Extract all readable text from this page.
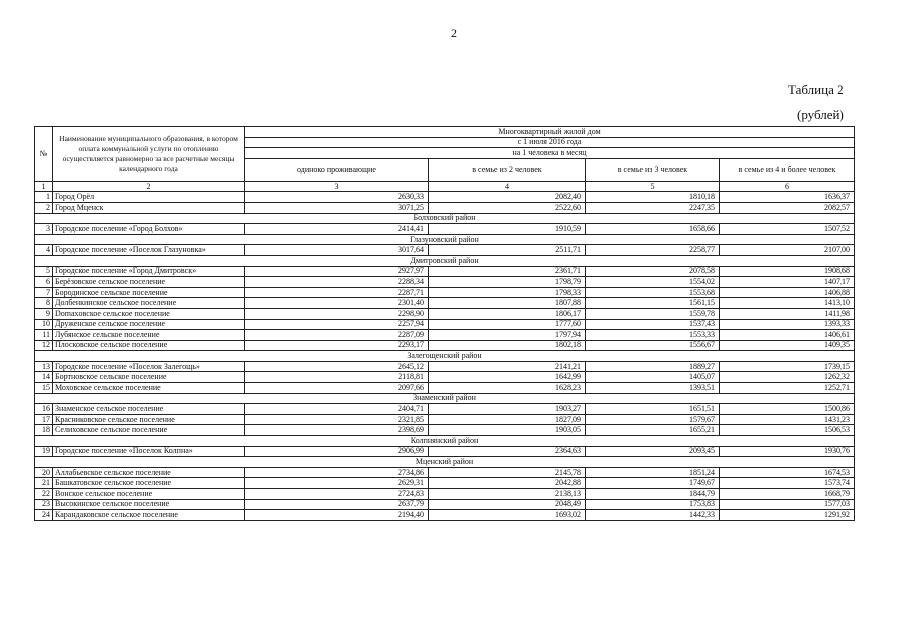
2
Таблица 2
(рублей)
№	Наименование муниципального образования, в котором оплата коммунальной услуги по отоплению осуществляется равномерно за все расчетные месяцы календарного года	Многоквартирный жилой дом			
		с 1 июля 2016 года			
		на 1 человека в месяц			
		одиноко проживающие	в семье из 2 человек	в семье из 3 человек	в семье из 4 и более человек
1	2	3	4	5	6
1	Город Орёл	2630,33	2082,40	1810,18	1636,37
2	Город Мценск	3071,25	2522,60	2247,35	2082,57
Болховский район					
3	Городское поселение «Город Болхов»	2414,41	1910,59	1658,66	1507,52
Глазуновский район					
4	Городское поселение «Поселок Глазуновка»	3017,64	2511,71	2258,77	2107,00
Дмитровский район					
5	Городское поселение «Город Дмитровск»	2927,97	2361,71	2078,58	1908,68
6	Берёзовское сельское поселение	2288,34	1798,79	1554,02	1407,17
7	Бородинское сельское поселение	2287,71	1798,33	1553,68	1406,88
8	Долбенкинское сельское поселение	2301,40	1807,88	1561,15	1413,10
9	Domaxoвское сельское поселение	2298,90	1806,17	1559,78	1411,98
10	Друженское сельское поселение	2257,94	1777,60	1537,43	1393,33
11	Лубянское сельское поселение	2287,09	1797,94	1553,33	1406,61
12	Плосковское сельское поселение	2293,17	1802,18	1556,67	1409,35
Залегощенский район					
13	Городское поселение «Поселок Залегощь»	2645,12	2141,21	1889,27	1739,15
14	Бортновское сельское поселение	2118,81	1642,99	1405,07	1262,32
15	Моховское сельское поселение	2097,66	1628,23	1393,51	1252,71
Знаменский район					
16	Знаменское сельское поселение	2404,71	1903,27	1651,51	1500,86
17	Красниковское сельское поселение	2321,85	1827,09	1579,67	1431,23
18	Селиховское сельское поселение	2398,69	1903,05	1655,21	1506,53
Колпнянский район					
19	Городское поселение «Поселок Колпна»	2906,99	2364,63	2093,45	1930,76
Мценский район					
20	Аллабьевское сельское поселение	2734,86	2145,78	1851,24	1674,53
21	Башкатовское сельское поселение	2629,31	2042,88	1749,67	1573,74
22	Вонское сельское поселение	2724,83	2138,13	1844,79	1668,79
23	Высокинское сельское поселение	2637,79	2048,49	1753,83	1577,03
24	Карандаковское сельское поселение	2194,40	1693,02	1442,33	1291,92
